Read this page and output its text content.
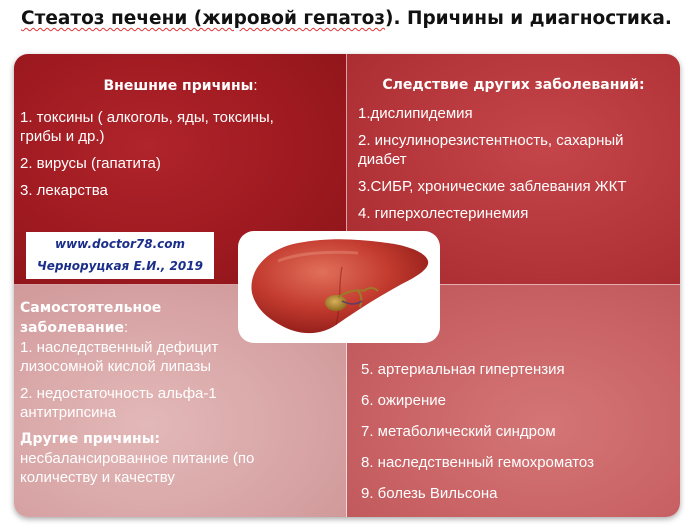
Стеатоз печени (жировой гепатоз). Причины и диагностика.
Внешние причины:
1. токсины ( алкоголь, яды, токсины,
грибы и др.)
2. вирусы (гапатита)
3. лекарства
Следствие других заболеваний:
1.дислипидемия
2. инсулинорезистентность, сахарный
диабет
3.СИБР, хронические заблевания ЖКТ
4. гиперхолестеринемия
Самостоятельное
заболевание:
1. наследственный дефицит
лизосомной кислой липазы
2. недостаточность альфа-1
антитрипсина
Другие причины:
несбалансированное питание (по
количеству и качеству
5. артериальная гипертензия
6. ожирение
7. метаболический синдром
8. наследственный гемохроматоз
9. болезь Вильсона
www.doctor78.com
Черноруцкая Е.И., 2019
